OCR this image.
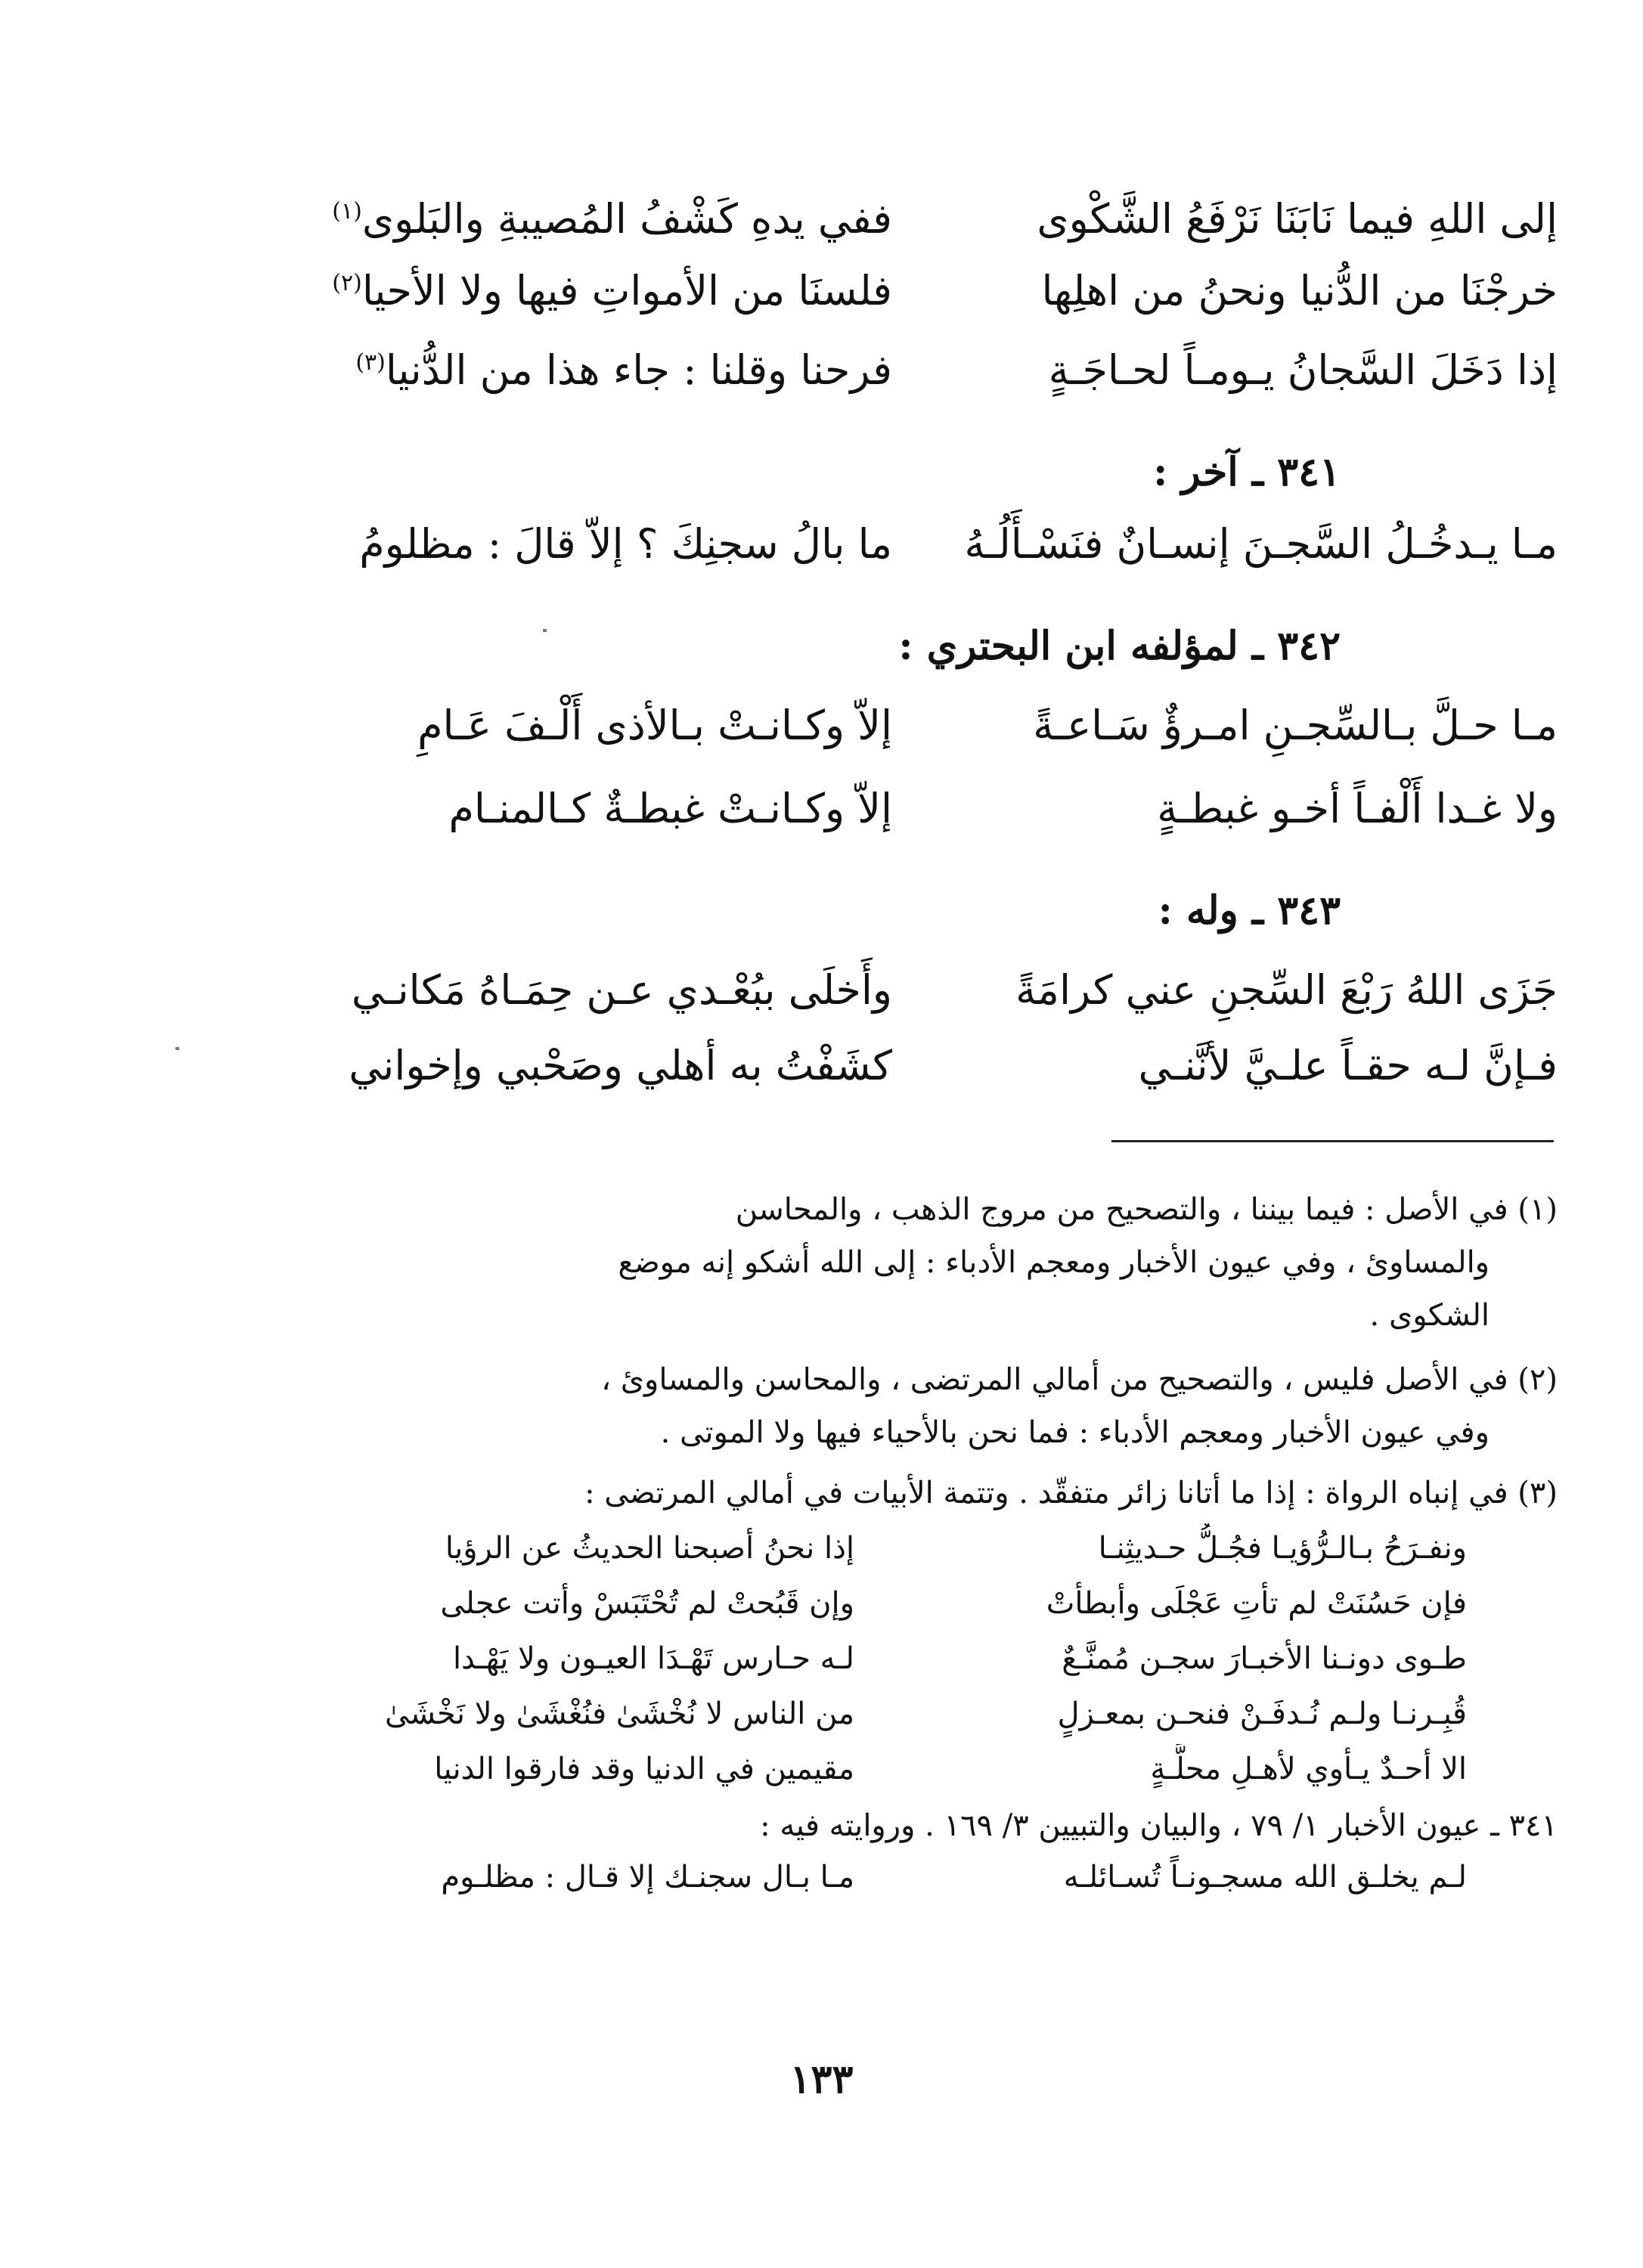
إلى اللهِ فيما نَابَنَا نَرْفَعُ الشَّكْوى
ففي يدهِ كَشْفُ المُصيبةِ والبَلوى$^{(١)}$
خرجْنَا من الدُّنيا ونحنُ من اهلِها
فلسنَا من الأمواتِ فيها ولا الأحيا$^{(٢)}$
إذا دَخَلَ السَّجانُ يـومـاً لحـاجَـةٍ
فرحنا وقلنا : جاء هذا من الدُّنيا$^{(٣)}$
٣٤١ ـ آخر :
مـا يـدخُـلُ السَّجـنَ إنسـانٌ فنَسْـأَلُـهُ
ما بالُ سجنِكَ ؟ إلاّ قالَ : مظلومُ
٣٤٢ ـ لمؤلفه ابن البحتري :
مـا حـلَّ بـالسِّجـنِ امـرؤٌ سَـاعـةً
إلاّ وكـانـتْ بـالأذى أَلْـفَ عَـامِ
ولا غـدا أَلْفـاً أخـو غبطـةٍ
إلاّ وكـانـتْ غبطـةٌ كـالمنـام
٣٤٣ ـ وله :
جَزَى اللهُ رَبْعَ السِّجنِ عني كرامَةً
وأَخلَى ببُعْـدي عـن حِمَـاهُ مَكانـي
فـإنَّ لـه حقـاً علـيَّ لأنَّنـي
كشَفْتُ به أهلي وصَحْبي وإخواني
(١) في الأصل : فيما بيننا ، والتصحيح من مروج الذهب ، والمحاسن
والمساوئ ، وفي عيون الأخبار ومعجم الأدباء : إلى الله أشكو إنه موضع
الشكوى .
(٢) في الأصل فليس ، والتصحيح من أمالي المرتضى ، والمحاسن والمساوئ ،
وفي عيون الأخبار ومعجم الأدباء : فما نحن بالأحياء فيها ولا الموتى .
(٣) في إنباه الرواة : إذا ما أتانا زائر متفقّد . وتتمة الأبيات في أمالي المرتضى :
ونفـرَحُ بـالـرُّؤيـا فجُـلُّ حـديثِنـا
إذا نحنُ أصبحنا الحديثُ عن الرؤيا
فإن حَسُنَتْ لم تأتِ عَجْلَى وأبطأتْ
وإن قَبُحتْ لم تُحْتَبَسْ وأتت عجلى
طـوى دونـنا الأخبـارَ سجـن مُمنَّـعٌ
لـه حـارس تَهْـدَا العيـون ولا يَهْـدا
قُبِـرنـا ولـم نُـدفَـنْ فنحـن بمعـزلٍ
من الناس لا نُخْشَىٰ فنُغْشَىٰ ولا نَخْشَىٰ
الا أحـدٌ يـأوي لأهـلِ محلَّـةٍ
مقيمين في الدنيا وقد فارقوا الدنيا
٣٤١ ـ عيون الأخبار ١/ ٧٩ ، والبيان والتبيين ٣/ ١٦٩ . وروايته فيه :
لـم يخلـق الله مسجـونـاً تُسـائلـه
مـا بـال سجنـك إلا قـال : مظلـوم
١٣٣
